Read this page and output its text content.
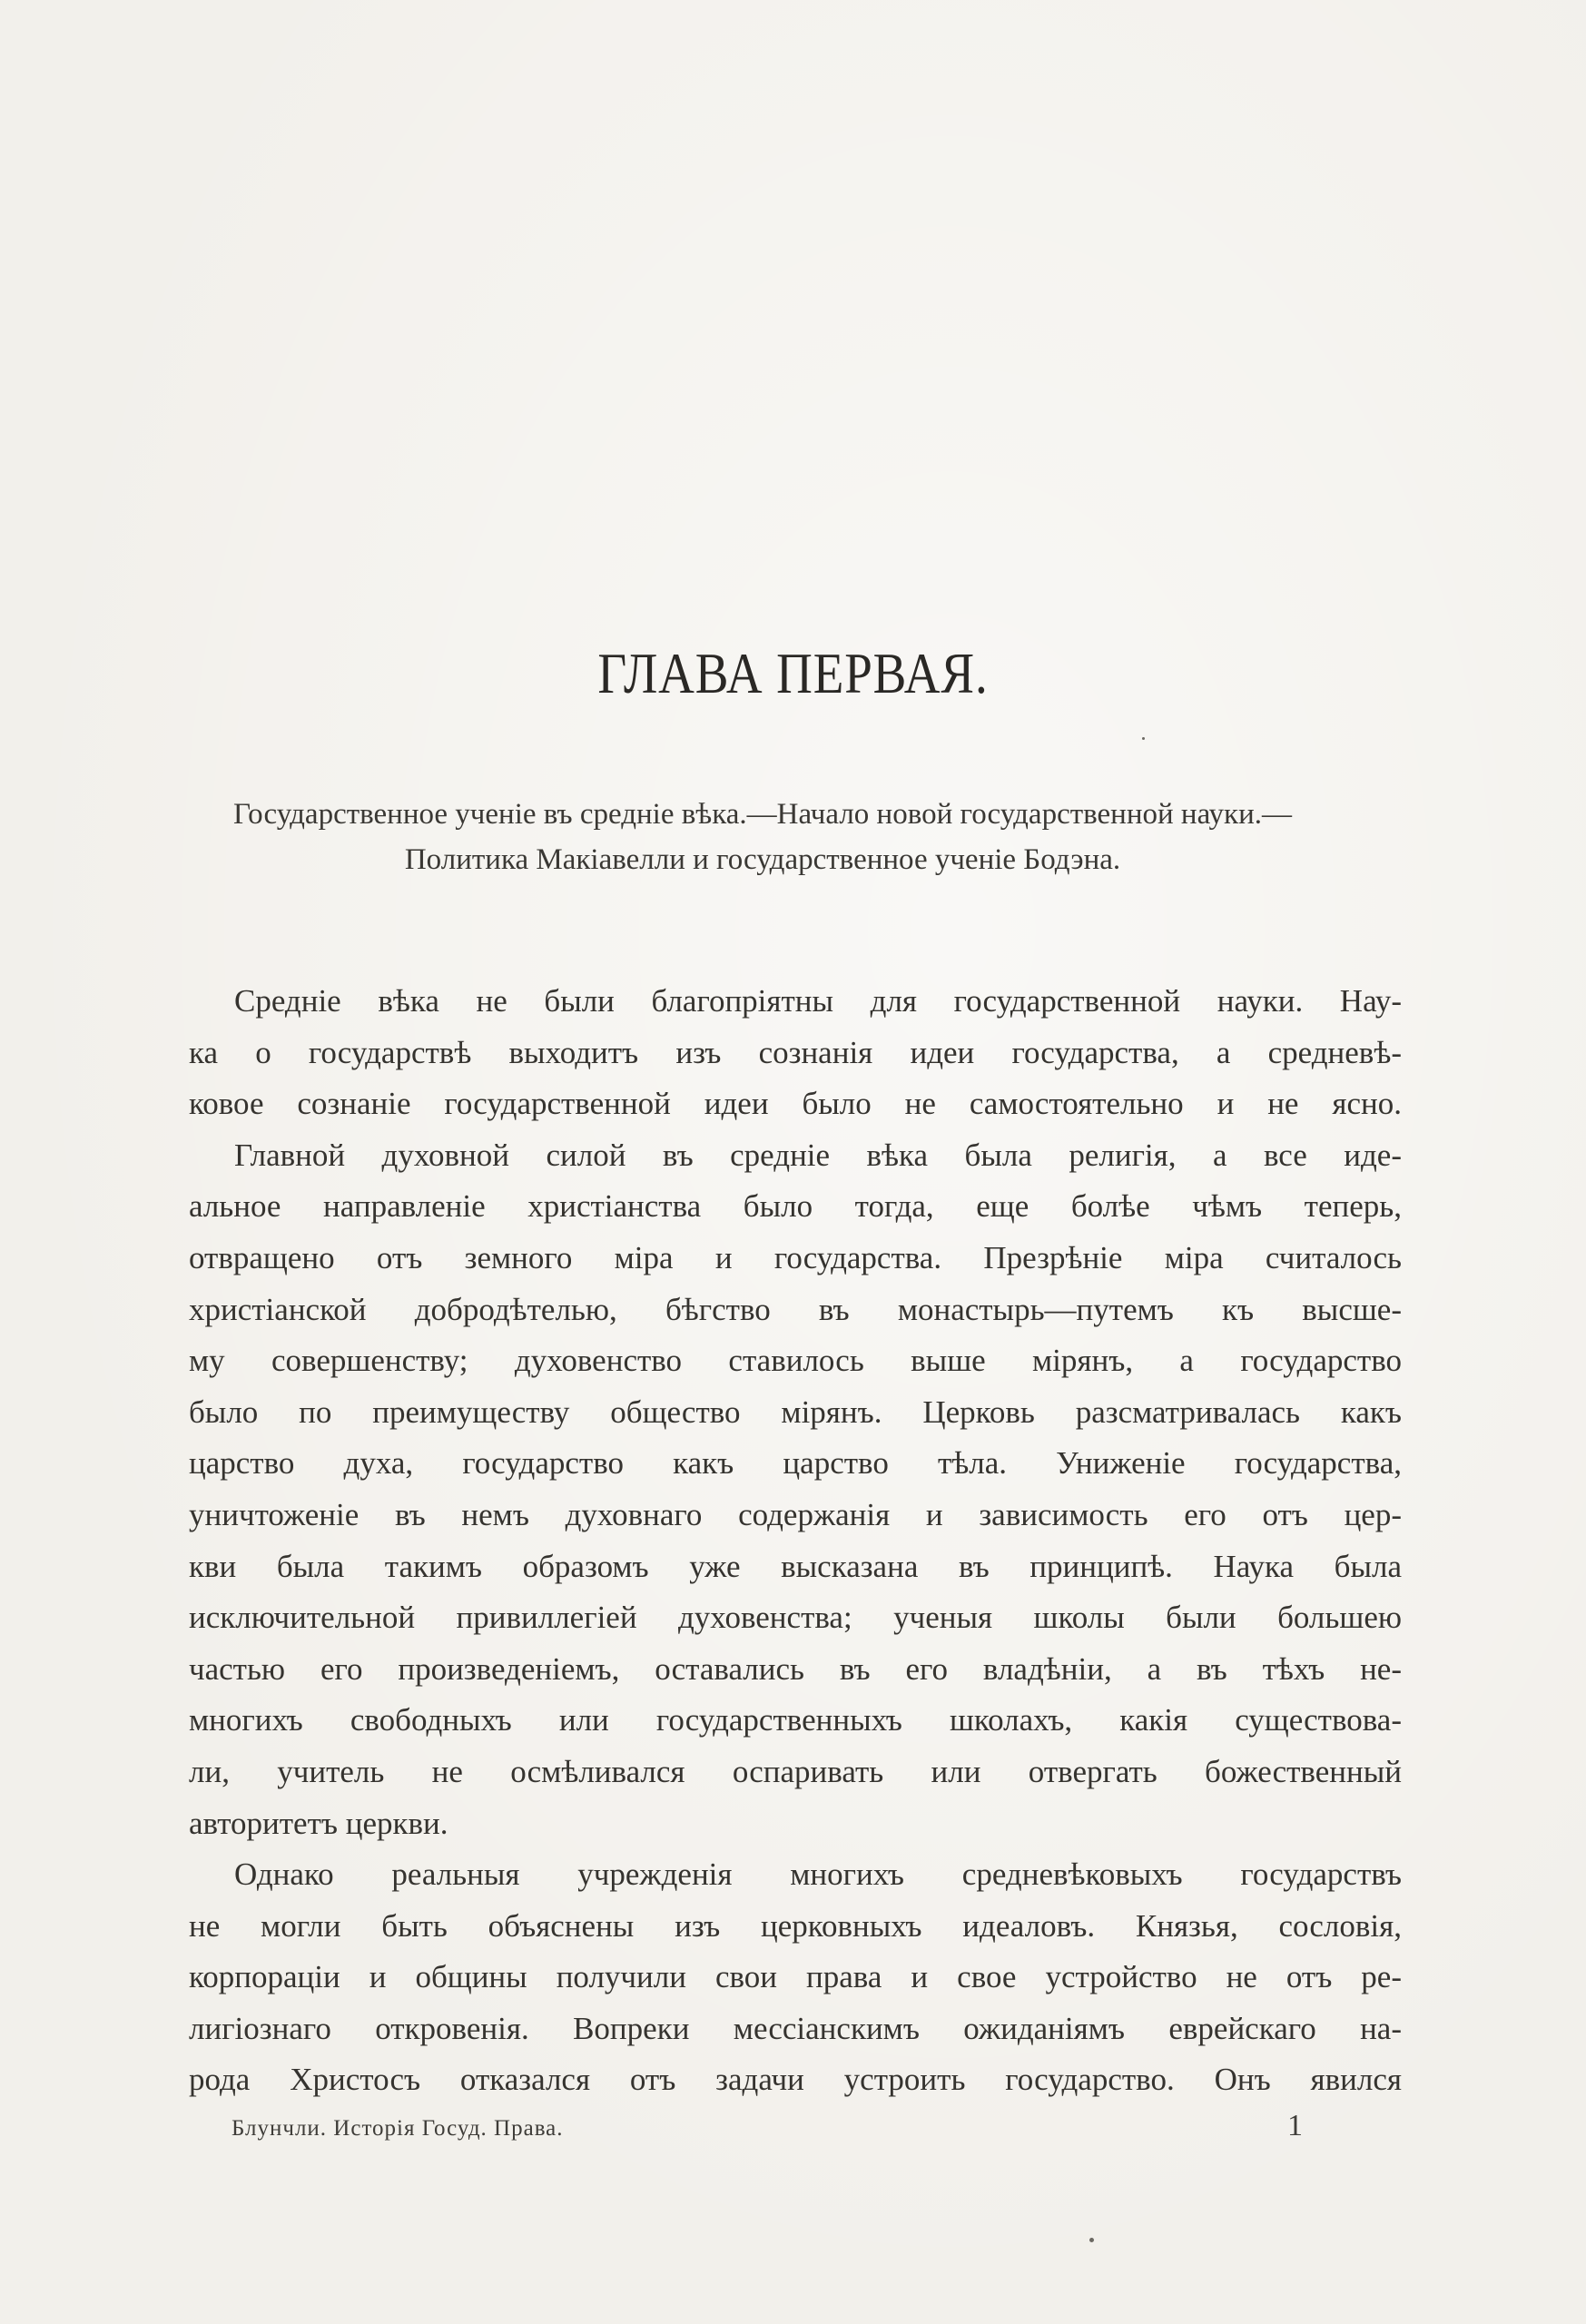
ГЛАВА ПЕРВАЯ.
Государственное ученіе въ средніе вѣка.—Начало новой государственной науки.—
Политика Макіавелли и государственное ученіе Бодэна.
Средніе вѣка не были благопріятны для государственной науки. Нау-
ка о государствѣ выходитъ изъ сознанія идеи государства, а средневѣ-
ковое сознаніе государственной идеи было не самостоятельно и не ясно.
Главной духовной силой въ средніе вѣка была религія, а все иде-
альное направленіе христіанства было тогда, еще болѣе чѣмъ теперь,
отвращено отъ земного міра и государства. Презрѣніе міра считалось
христіанской добродѣтелью, бѣгство въ монастырь—путемъ къ высше-
му совершенству; духовенство ставилось выше мірянъ, а государство
было по преимуществу общество мірянъ. Церковь разсматривалась какъ
царство духа, государство какъ царство тѣла. Униженіе государства,
уничтоженіе въ немъ духовнаго содержанія и зависимость его отъ цер-
кви была такимъ образомъ уже высказана въ принципѣ. Наука была
исключительной привиллегіей духовенства; ученыя школы были большею
частью его произведеніемъ, оставались въ его владѣніи, а въ тѣхъ не-
многихъ свободныхъ или государственныхъ школахъ, какія существова-
ли, учитель не осмѣливался оспаривать или отвергать божественный
авторитетъ церкви.
Однако реальныя учрежденія многихъ средневѣковыхъ государствъ
не могли быть объяснены изъ церковныхъ идеаловъ. Князья, сословія,
корпораціи и общины получили свои права и свое устройство не отъ ре-
лигіознаго откровенія. Вопреки мессіанскимъ ожиданіямъ еврейскаго на-
рода Христосъ отказался отъ задачи устроить государство. Онъ явился
Блунчли. Исторія Госуд. Права.	1
